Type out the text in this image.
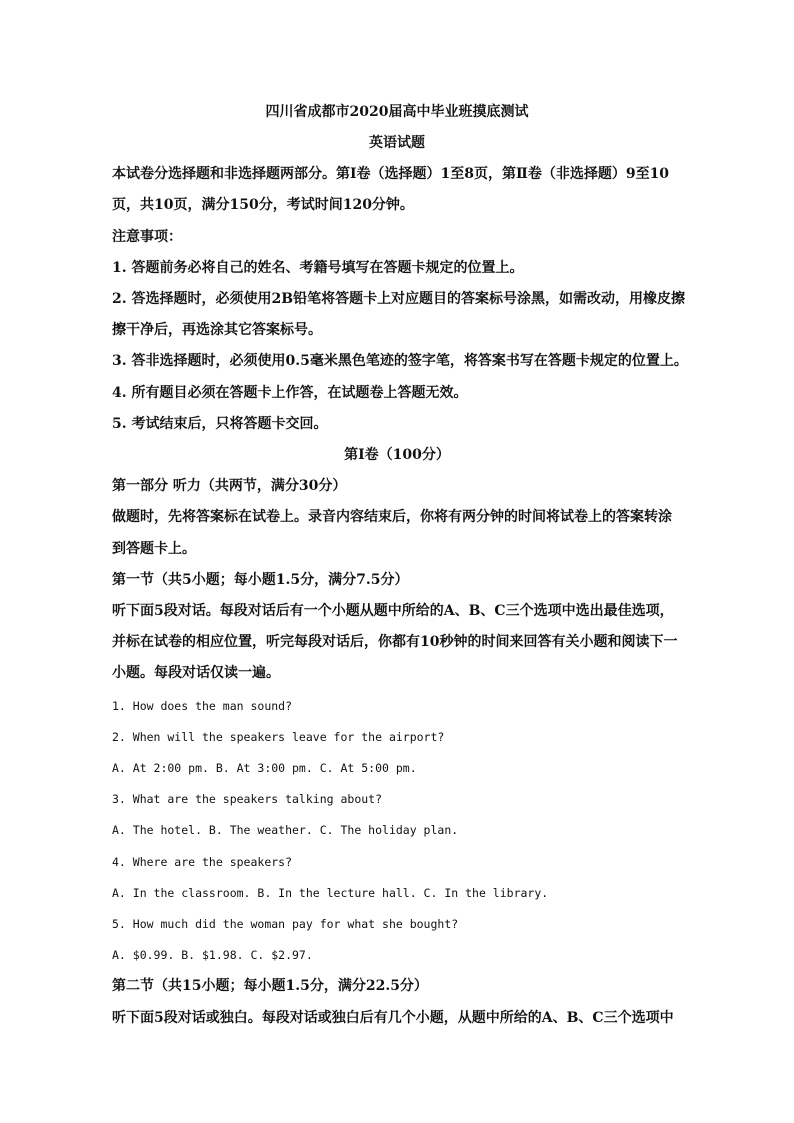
四川省成都市2020届高中毕业班摸底测试
英语试题
本试卷分选择题和非选择题两部分。第Ⅰ卷（选择题）1至8页，第Ⅱ卷（非选择题）9至10
页，共10页，满分150分，考试时间120分钟。
注意事项：
1. 答题前务必将自己的姓名、考籍号填写在答题卡规定的位置上。
2. 答选择题时，必须使用2B铅笔将答题卡上对应题目的答案标号涂黑，如需改动，用橡皮擦
擦干净后，再选涂其它答案标号。
3. 答非选择题时，必须使用0.5毫米黑色笔迹的签字笔，将答案书写在答题卡规定的位置上。
4. 所有题目必须在答题卡上作答，在试题卷上答题无效。
5. 考试结束后，只将答题卡交回。
第Ⅰ卷（100分）
第一部分 听力（共两节，满分30分）
做题时，先将答案标在试卷上。录音内容结束后，你将有两分钟的时间将试卷上的答案转涂
到答题卡上。
第一节（共5小题；每小题1.5分，满分7.5分）
听下面5段对话。每段对话后有一个小题从题中所给的A、B、C三个选项中选出最佳选项，
并标在试卷的相应位置，听完每段对话后，你都有10秒钟的时间来回答有关小题和阅读下一
小题。每段对话仅读一遍。
1. How does the man sound?
2. When will the speakers leave for the airport?
A. At 2:00 pm. B. At 3:00 pm. C. At 5:00 pm.
3. What are the speakers talking about?
A. The hotel. B. The weather. C. The holiday plan.
4. Where are the speakers?
A. In the classroom. B. In the lecture hall. C. In the library.
5. How much did the woman pay for what she bought?
A. $0.99. B. $1.98. C. $2.97.
第二节（共15小题；每小题1.5分，满分22.5分）
听下面5段对话或独白。每段对话或独白后有几个小题，从题中所给的A、B、C三个选项中
